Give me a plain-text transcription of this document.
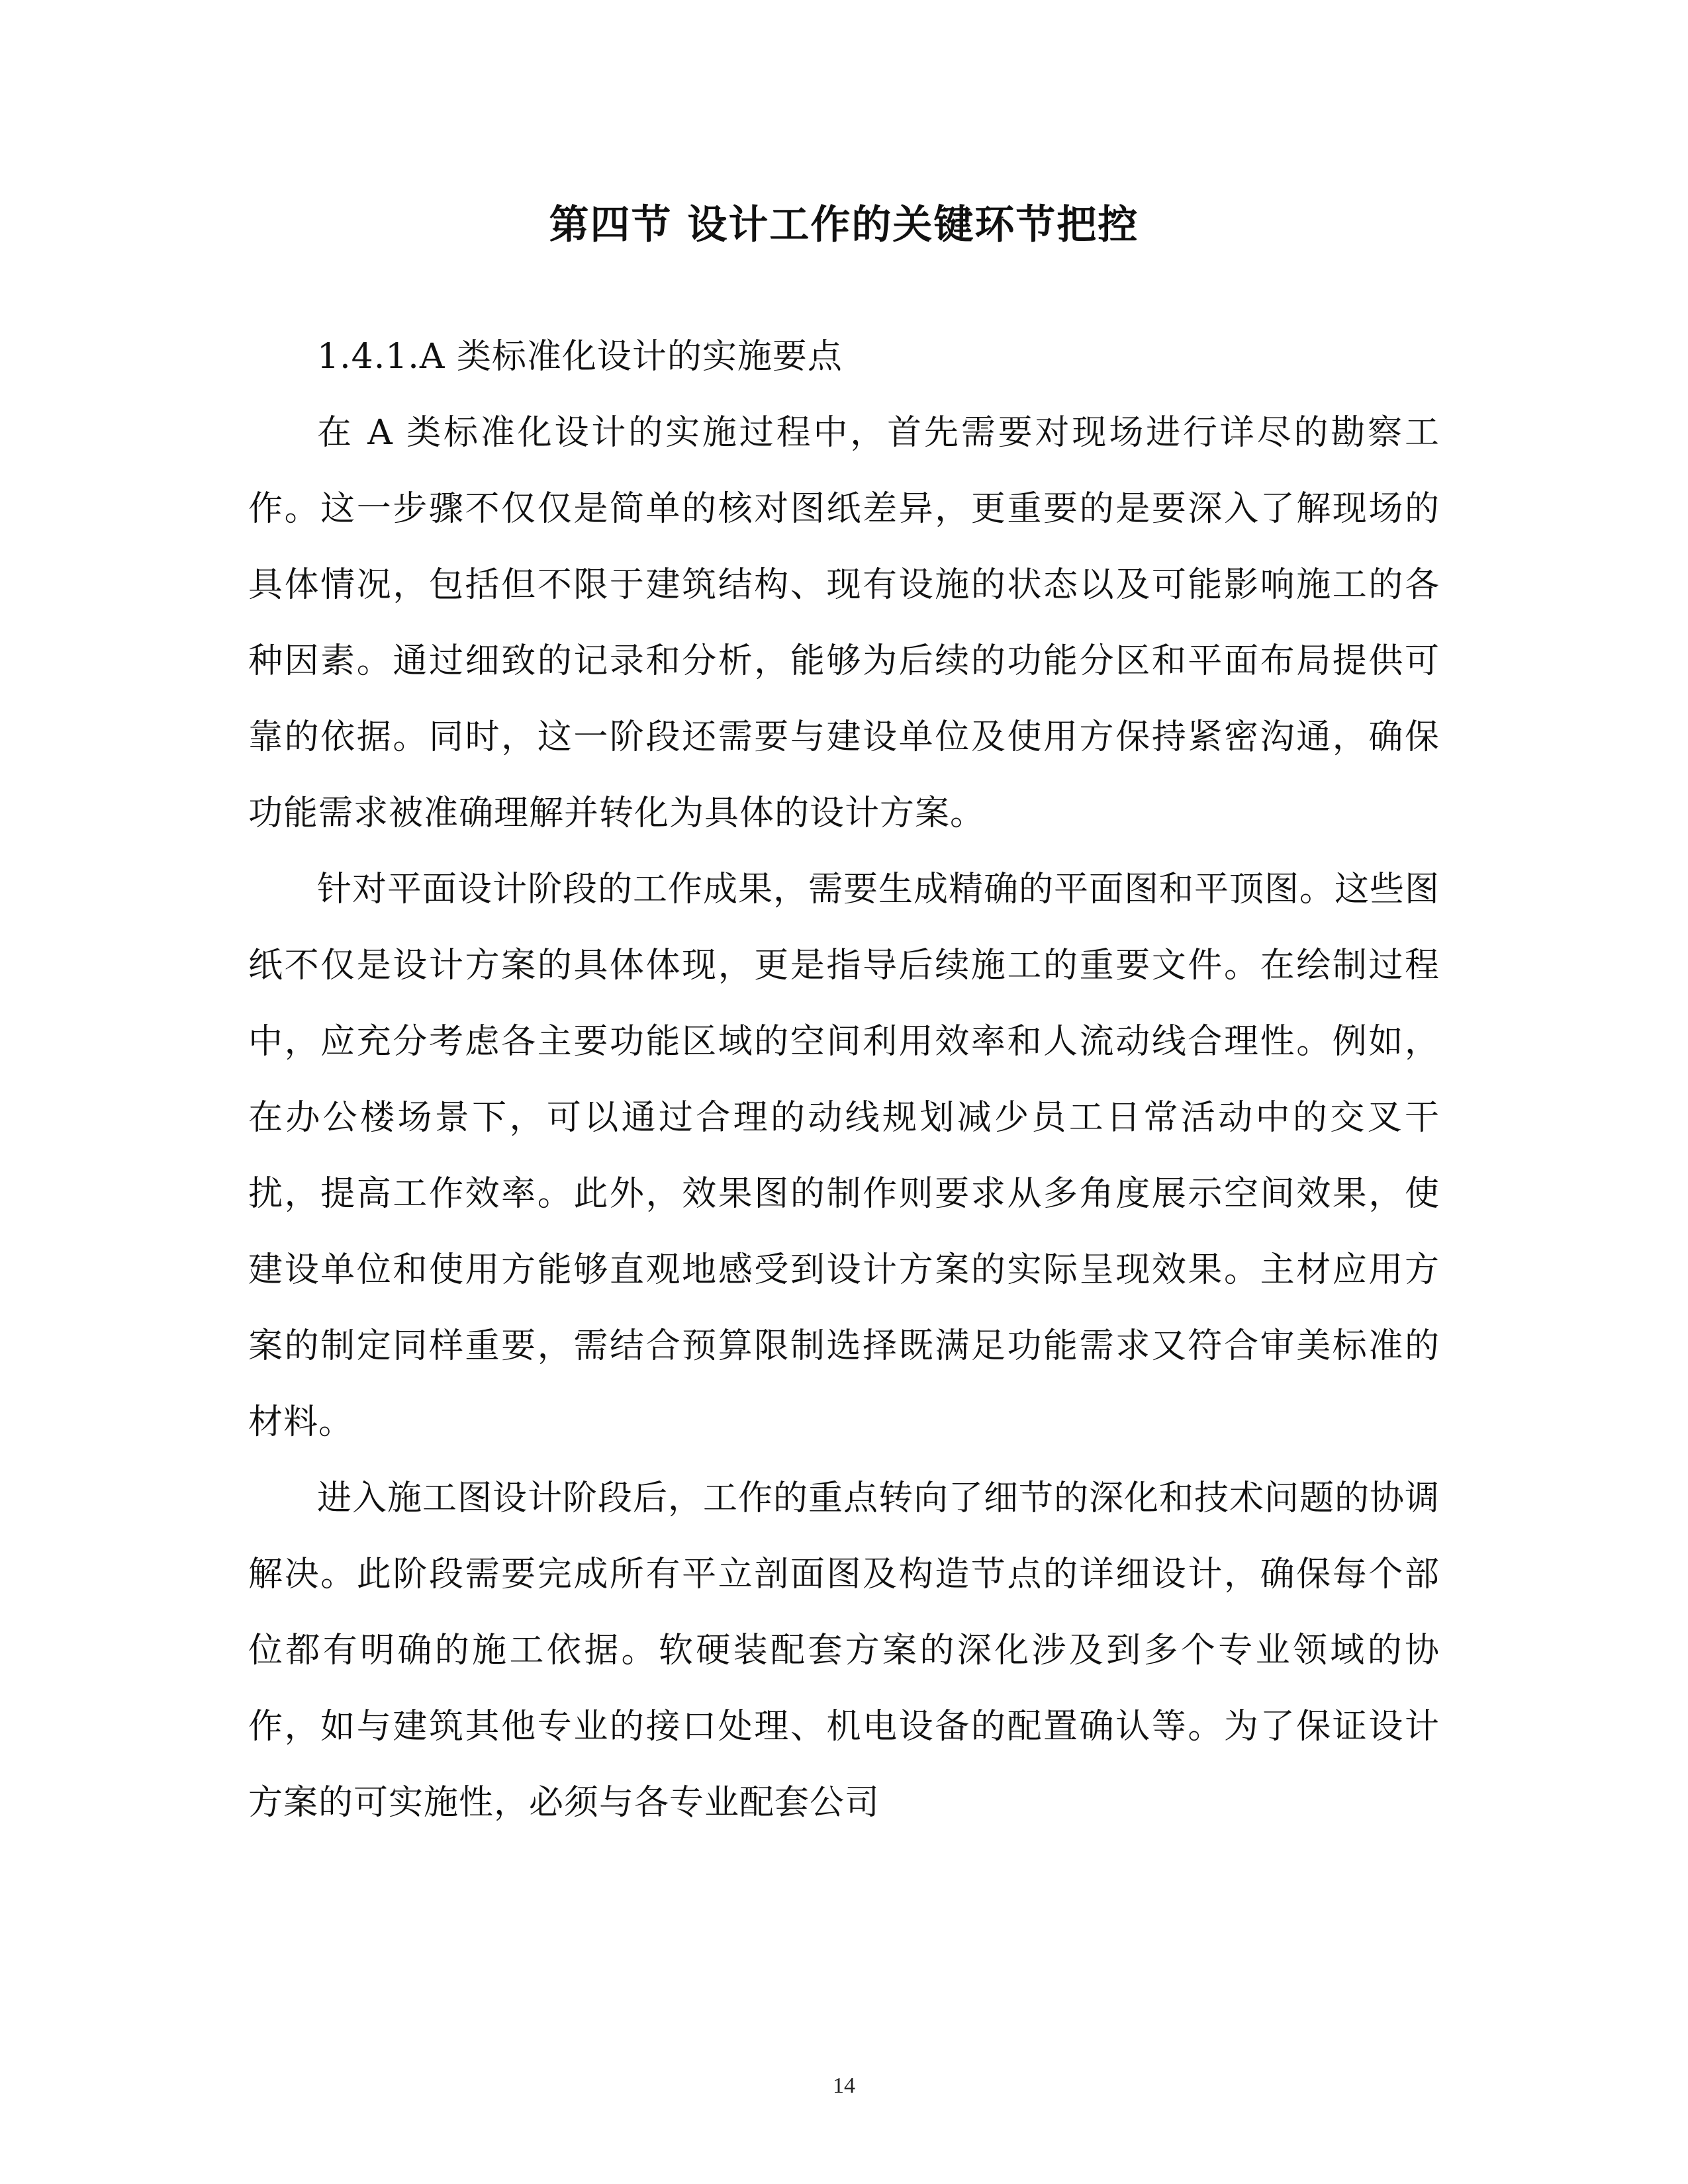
第四节 设计工作的关键环节把控

1.4.1.A 类标准化设计的实施要点

在 A 类标准化设计的实施过程中，首先需要对现场进行详尽的勘察工作。这一步骤不仅仅是简单的核对图纸差异，更重要的是要深入了解现场的具体情况，包括但不限于建筑结构、现有设施的状态以及可能影响施工的各种因素。通过细致的记录和分析，能够为后续的功能分区和平面布局提供可靠的依据。同时，这一阶段还需要与建设单位及使用方保持紧密沟通，确保功能需求被准确理解并转化为具体的设计方案。

针对平面设计阶段的工作成果，需要生成精确的平面图和平顶图。这些图纸不仅是设计方案的具体体现，更是指导后续施工的重要文件。在绘制过程中，应充分考虑各主要功能区域的空间利用效率和人流动线合理性。例如，在办公楼场景下，可以通过合理的动线规划减少员工日常活动中的交叉干扰，提高工作效率。此外，效果图的制作则要求从多角度展示空间效果，使建设单位和使用方能够直观地感受到设计方案的实际呈现效果。主材应用方案的制定同样重要，需结合预算限制选择既满足功能需求又符合审美标准的材料。

进入施工图设计阶段后，工作的重点转向了细节的深化和技术问题的协调解决。此阶段需要完成所有平立剖面图及构造节点的详细设计，确保每个部位都有明确的施工依据。软硬装配套方案的深化涉及到多个专业领域的协作，如与建筑其他专业的接口处理、机电设备的配置确认等。为了保证设计方案的可实施性，必须与各专业配套公司

14
